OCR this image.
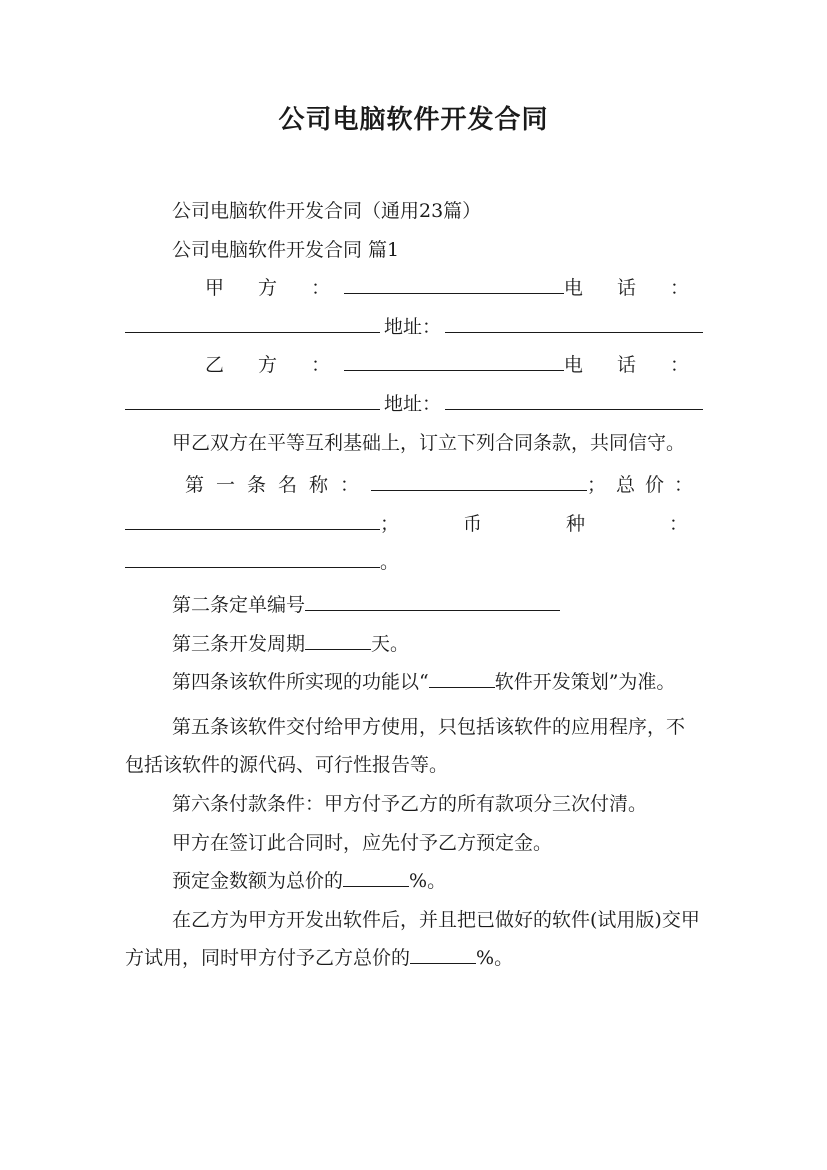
公司电脑软件开发合同

公司电脑软件开发合同（通用23篇）

公司电脑软件开发合同 篇1

甲 方 ：	电 话 ：
地址：
乙 方 ：	电 话 ：
地址：

甲乙双方在平等互利基础上，订立下列合同条款，共同信守。

第一条名称：	；总价：
；	币 种 ：

。

第二条定单编号

第三条开发周期	天。

第四条该软件所实现的功能以“	软件开发策划”为准。

第五条该软件交付给甲方使用，只包括该软件的应用程序，不包括该软件的源代码、可行性报告等。

第六条付款条件：甲方付予乙方的所有款项分三次付清。

甲方在签订此合同时，应先付予乙方预定金。

预定金数额为总价的	%。

在乙方为甲方开发出软件后，并且把已做好的软件(试用版)交甲方试用，同时甲方付予乙方总价的	%。
